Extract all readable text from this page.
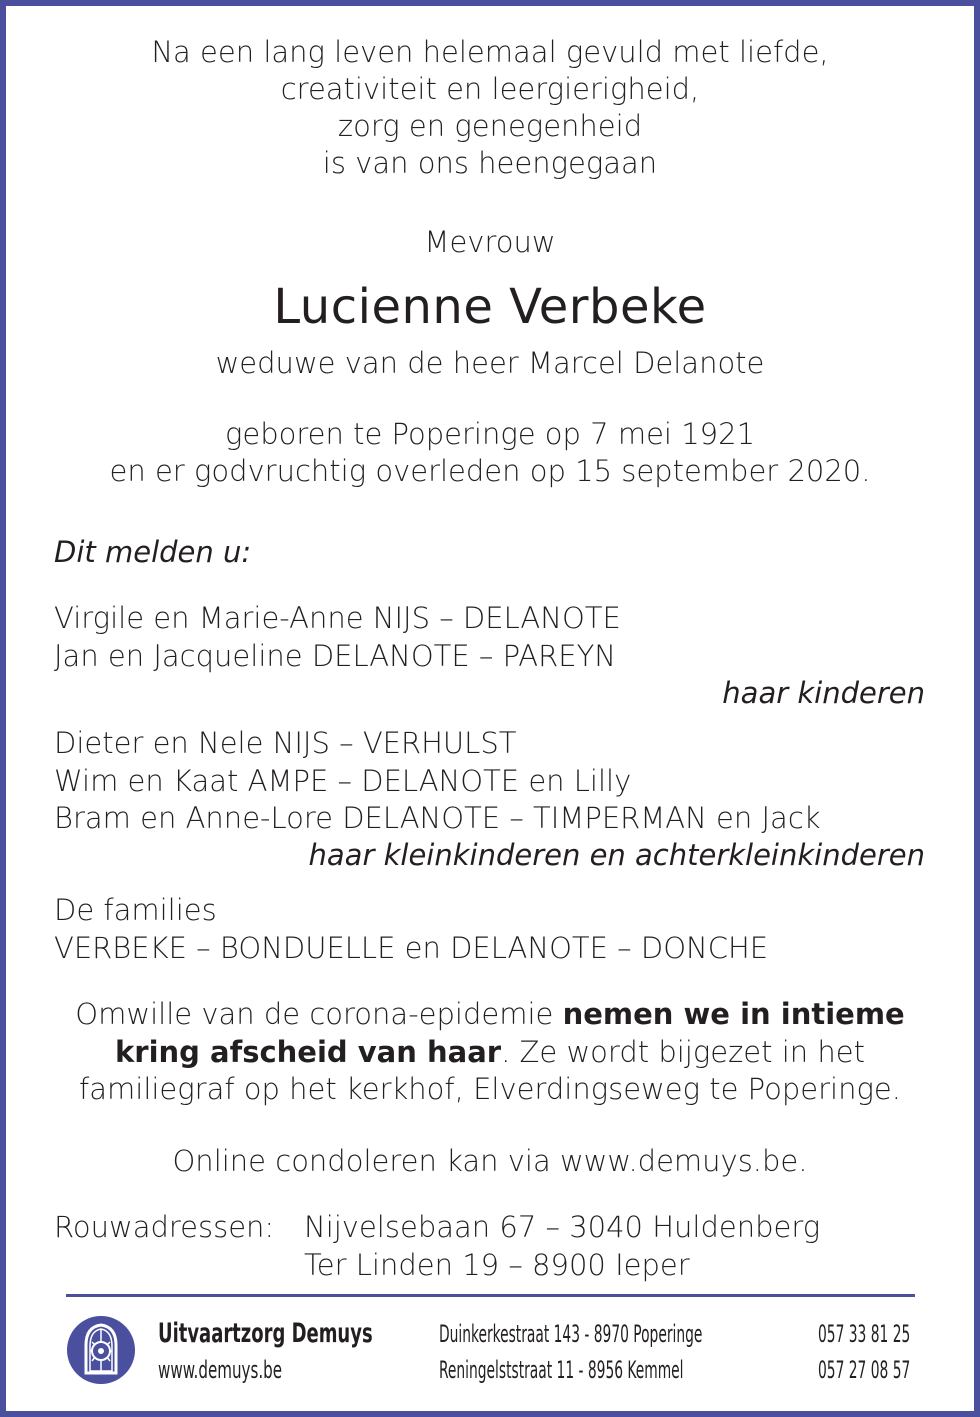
Na een lang leven helemaal gevuld met liefde,
creativiteit en leergierigheid,
zorg en genegenheid
is van ons heengegaan
Mevrouw
Lucienne Verbeke
weduwe van de heer Marcel Delanote
geboren te Poperinge op 7 mei 1921
en er godvruchtig overleden op 15 september 2020.
Dit melden u:
Virgile en Marie-Anne NIJS – DELANOTE
Jan en Jacqueline DELANOTE – PAREYN
haar kinderen
Dieter en Nele NIJS – VERHULST
Wim en Kaat AMPE – DELANOTE en Lilly
Bram en Anne-Lore DELANOTE – TIMPERMAN en Jack
haar kleinkinderen en achterkleinkinderen
De families
VERBEKE – BONDUELLE en DELANOTE – DONCHE
Omwille van de corona-epidemie nemen we in intieme
kring afscheid van haar. Ze wordt bijgezet in het
familiegraf op het kerkhof, Elverdingseweg te Poperinge.
Online condoleren kan via www.demuys.be.
Rouwadressen: Nijvelsebaan 67 – 3040 Huldenberg
Ter Linden 19 – 8900 Ieper
Uitvaartzorg Demuys
www.demuys.be
Duinkerkestraat 143 - 8970 Poperinge
Reningelststraat 11 - 8956 Kemmel
057 33 81 25
057 27 08 57
